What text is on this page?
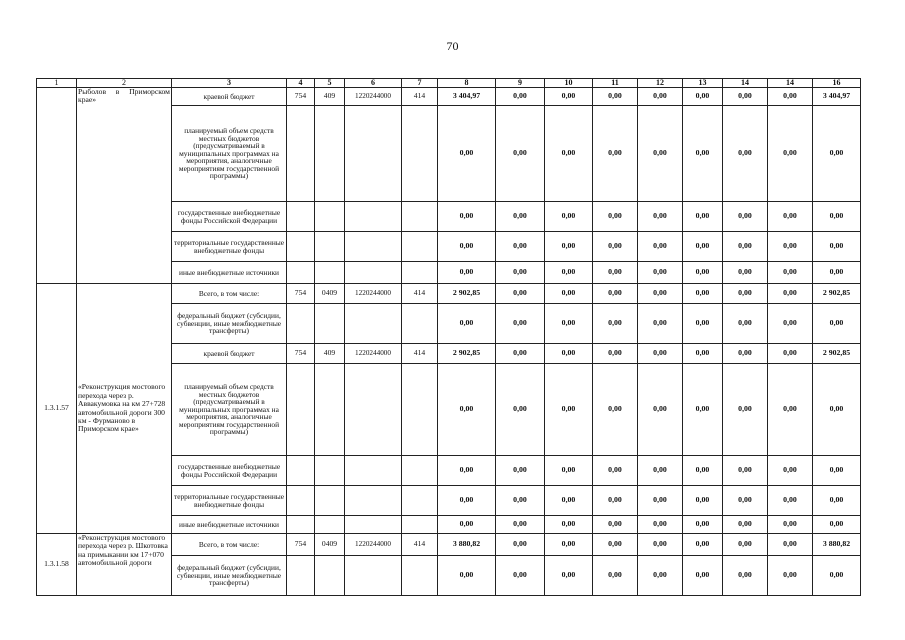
70
1	2	3	4	5	6	7	8	9	10	11	12	13	14	14	16
	Рыболов в Приморском крае»	краевой бюджет	754	409	1220244000	414	3 404,97	0,00	0,00	0,00	0,00	0,00	0,00	0,00	3 404,97
		планируемый объем средств местных бюджетов (предусматриваемый в муниципальных программах на мероприятия, аналогичные мероприятиям государственной программы)					0,00	0,00	0,00	0,00	0,00	0,00	0,00	0,00	0,00
		государственные внебюджетные фонды Российской Федерации					0,00	0,00	0,00	0,00	0,00	0,00	0,00	0,00	0,00
		территориальные государственные внебюджетные фонды					0,00	0,00	0,00	0,00	0,00	0,00	0,00	0,00	0,00
		иные внебюджетные источники					0,00	0,00	0,00	0,00	0,00	0,00	0,00	0,00	0,00
1.3.1.57	«Реконструкция мостового перехода через р. Аввакумовка на км 27+728 автомобильной дороги 300 км - Фурманово в Приморском крае»	Всего, в том числе:	754	0409	1220244000	414	2 902,85	0,00	0,00	0,00	0,00	0,00	0,00	0,00	2 902,85
		федеральный бюджет (субсидии, субвенции, иные межбюджетные трансферты)					0,00	0,00	0,00	0,00	0,00	0,00	0,00	0,00	0,00
		краевой бюджет	754	409	1220244000	414	2 902,85	0,00	0,00	0,00	0,00	0,00	0,00	0,00	2 902,85
		планируемый объем средств местных бюджетов (предусматриваемый в муниципальных программах на мероприятия, аналогичные мероприятиям государственной программы)					0,00	0,00	0,00	0,00	0,00	0,00	0,00	0,00	0,00
		государственные внебюджетные фонды Российской Федерации					0,00	0,00	0,00	0,00	0,00	0,00	0,00	0,00	0,00
		территориальные государственные внебюджетные фонды					0,00	0,00	0,00	0,00	0,00	0,00	0,00	0,00	0,00
		иные внебюджетные источники					0,00	0,00	0,00	0,00	0,00	0,00	0,00	0,00	0,00
1.3.1.58	«Реконструкция мостового перехода через р. Шкотовка на примыкании км 17+070 автомобильной дороги	Всего, в том числе:	754	0409	1220244000	414	3 880,82	0,00	0,00	0,00	0,00	0,00	0,00	0,00	3 880,82
		федеральный бюджет (субсидии, субвенции, иные межбюджетные трансферты)					0,00	0,00	0,00	0,00	0,00	0,00	0,00	0,00	0,00
